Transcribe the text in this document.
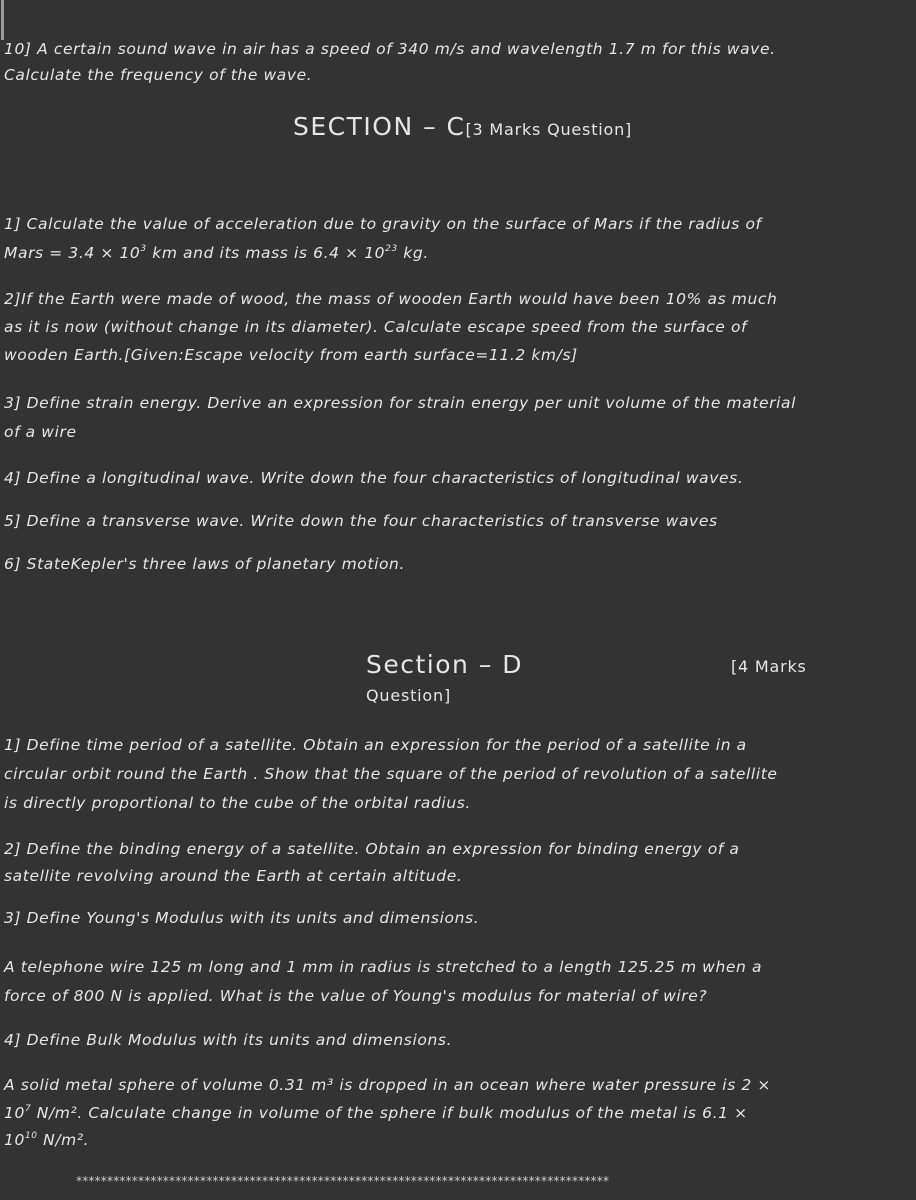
10] A certain sound wave in air has a speed of 340 m/s and wavelength 1.7 m for this wave.
Calculate the frequency of the wave.
SECTION – C[3 Marks Question]
1] Calculate the value of acceleration due to gravity on the surface of Mars if the radius of
Mars = $3.4 \times 10^3$ km and its mass is $6.4 \times 10^{23}$ kg.
2]If the Earth were made of wood, the mass of wooden Earth would have been 10% as much
as it is now (without change in its diameter). Calculate escape speed from the surface of
wooden Earth.[Given:Escape velocity from earth surface=11.2 km/s]
3] Define strain energy. Derive an expression for strain energy per unit volume of the material
of a wire
4] Define a longitudinal wave. Write down the four characteristics of longitudinal waves.
5] Define a transverse wave. Write down the four characteristics of transverse waves
6] StateKepler's three laws of planetary motion.
Section – D	[4 Marks
Question]
1] Define time period of a satellite. Obtain an expression for the period of a satellite in a
circular orbit round the Earth . Show that the square of the period of revolution of a satellite
is directly proportional to the cube of the orbital radius.
2] Define the binding energy of a satellite. Obtain an expression for binding energy of a
satellite revolving around the Earth at certain altitude.
3] Define Young's Modulus with its units and dimensions.
A telephone wire 125 m long and 1 mm in radius is stretched to a length 125.25 m when a
force of 800 N is applied. What is the value of Young's modulus for material of wire?
4] Define Bulk Modulus with its units and dimensions.
A solid metal sphere of volume 0.31 m³ is dropped in an ocean where water pressure is 2 ×
$10^7$ N/m². Calculate change in volume of the sphere if bulk modulus of the metal is 6.1 ×
$10^{10}$ N/m².
**************************************************************************************
